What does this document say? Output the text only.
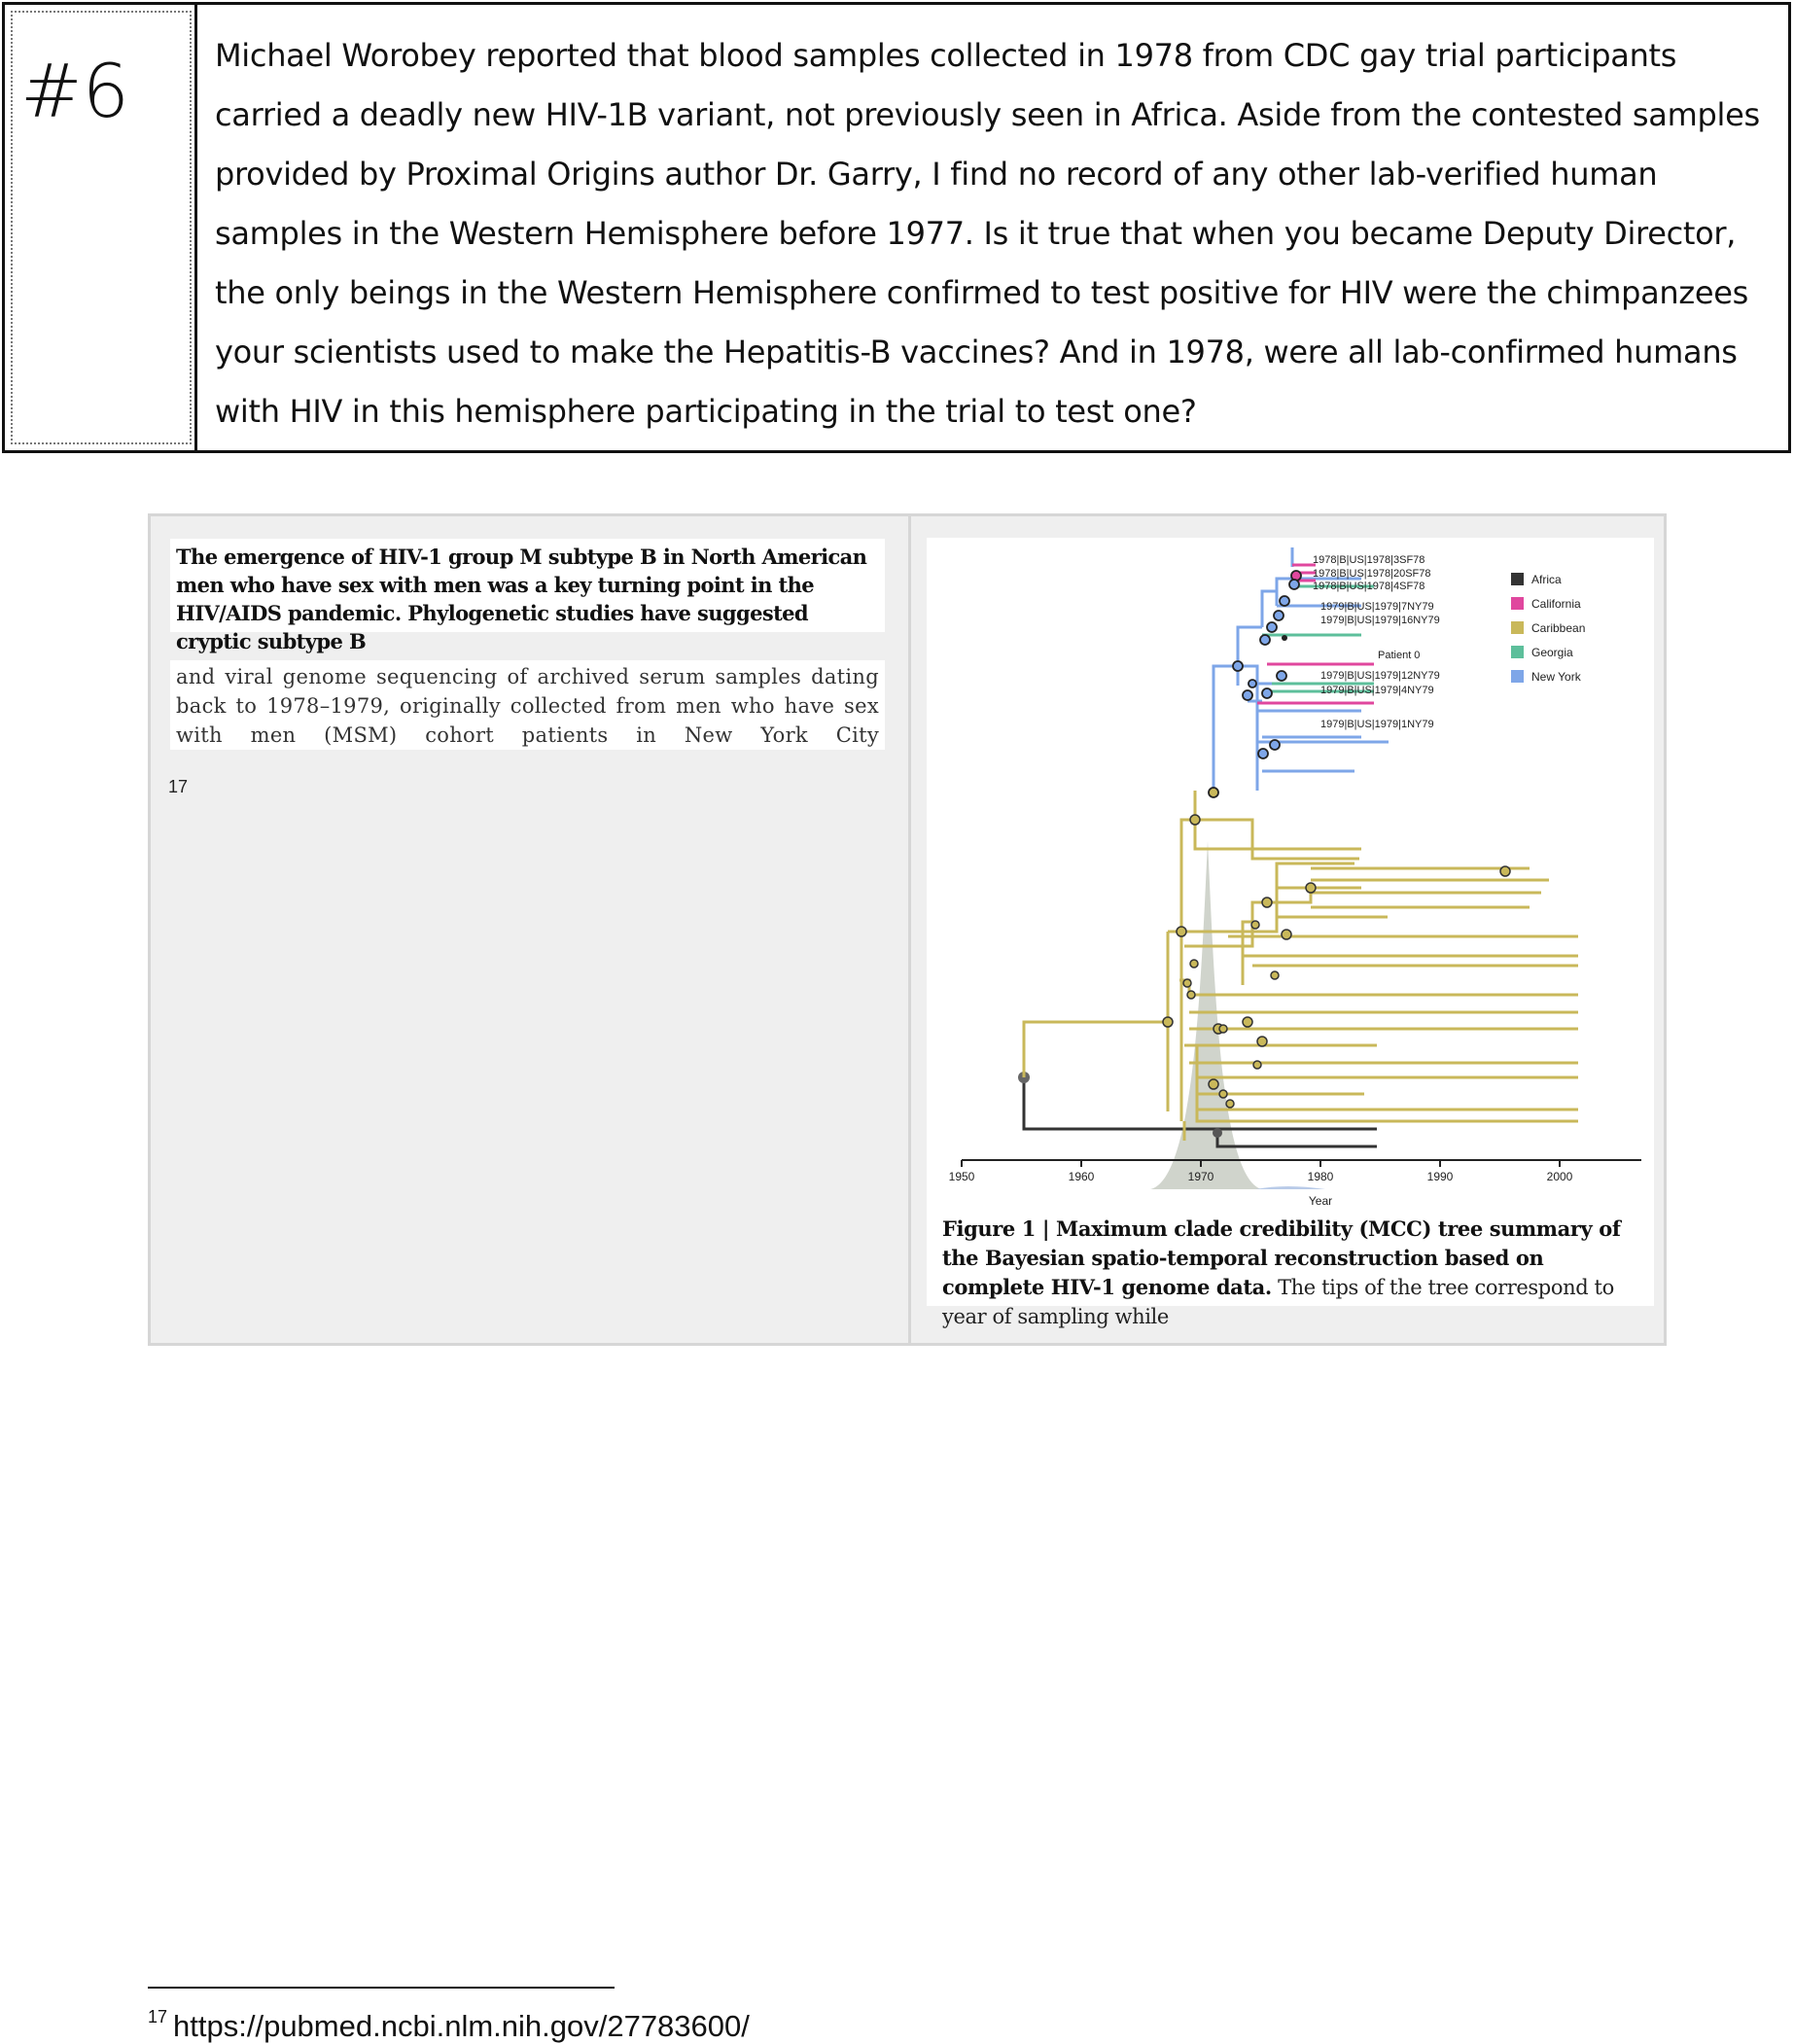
#6	Michael Worobey reported that blood samples collected in 1978 from CDC gay trial participants carried a deadly new HIV-1B variant, not previously seen in Africa. Aside from the contested samples provided by Proximal Origins author Dr. Garry, I find no record of any other lab-verified human samples in the Western Hemisphere before 1977. Is it true that when you became Deputy Director, the only beings in the Western Hemisphere confirmed to test positive for HIV were the chimpanzees your scientists used to make the Hepatitis-B vaccines? And in 1978, were all lab-confirmed humans with HIV in this hemisphere participating in the trial to test one?
The emergence of HIV-1 group M subtype B in North American men who have sex with men was a key turning point in the HIV/AIDS pandemic. Phylogenetic studies have suggested cryptic subtype B
and viral genome sequencing of archived serum samples dating back to 1978–1979, originally collected from men who have sex with men (MSM) cohort patients in New York City
17
1978|B|US|1978|3SF78
1978|B|US|1978|20SF78
1978|B|US|1978|4SF78
1979|B|US|1979|7NY79
1979|B|US|1979|16NY79
Patient 0
1979|B|US|1979|12NY79
1979|B|US|1979|4NY79
1979|B|US|1979|1NY79
Africa
California
Caribbean
Georgia
New York
1950	1960	1970	1980	1990	2000
Year
Figure 1 | Maximum clade credibility (MCC) tree summary of the Bayesian spatio-temporal reconstruction based on complete HIV-1 genome data. The tips of the tree correspond to year of sampling while
$^{17}$ https://pubmed.ncbi.nlm.nih.gov/27783600/
